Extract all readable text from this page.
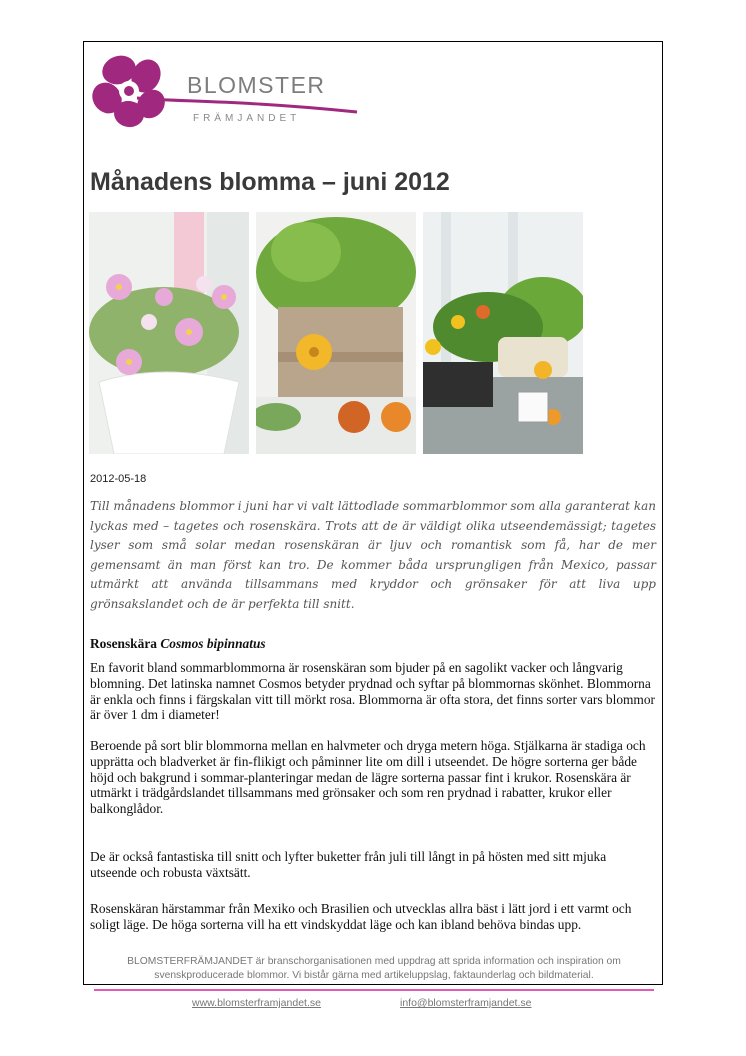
BLOMSTER
FRÄMJANDET
Månadens blomma – juni 2012
2012-05-18

Till månadens blommor i juni har vi valt lättodlade sommarblommor som alla garanterat kan lyckas med – tagetes och rosenskära. Trots att de är väldigt olika utseendemässigt; tagetes lyser som små solar medan rosenskäran är ljuv och romantisk som få, har de mer gemensamt än man först kan tro. De kommer båda ursprungligen från Mexico, passar utmärkt att använda tillsammans med kryddor och grönsaker för att liva upp grönsakslandet och de är perfekta till snitt.

Rosenskära Cosmos bipinnatus

En favorit bland sommarblommorna är rosenskäran som bjuder på en sagolikt vacker och långvarig blomning. Det latinska namnet Cosmos betyder prydnad och syftar på blommornas skönhet. Blommorna är enkla och finns i färgskalan vitt till mörkt rosa. Blommorna är ofta stora, det finns sorter vars blommor är över 1 dm i diameter!

Beroende på sort blir blommorna mellan en halvmeter och dryga metern höga. Stjälkarna är stadiga och upprätta och bladverket är fin-flikigt och påminner lite om dill i utseendet. De högre sorterna ger både höjd och bakgrund i sommar-planteringar medan de lägre sorterna passar fint i krukor. Rosenskära är utmärkt i trädgårdslandet tillsammans med grönsaker och som ren prydnad i rabatter, krukor eller balkonglådor.

De är också fantastiska till snitt och lyfter buketter från juli till långt in på hösten med sitt mjuka utseende och robusta växtsätt.

Rosenskäran härstammar från Mexiko och Brasilien och utvecklas allra bäst i lätt jord i ett varmt och soligt läge. De höga sorterna vill ha ett vindskyddat läge och kan ibland behöva bindas upp.

BLOMSTERFRÄMJANDET är branschorganisationen med uppdrag att sprida information och inspiration om svenskproducerade blommor. Vi bistår gärna med artikeluppslag, faktaunderlag och bildmaterial.

www.blomsterframjandet.se	info@blomsterframjandet.se
